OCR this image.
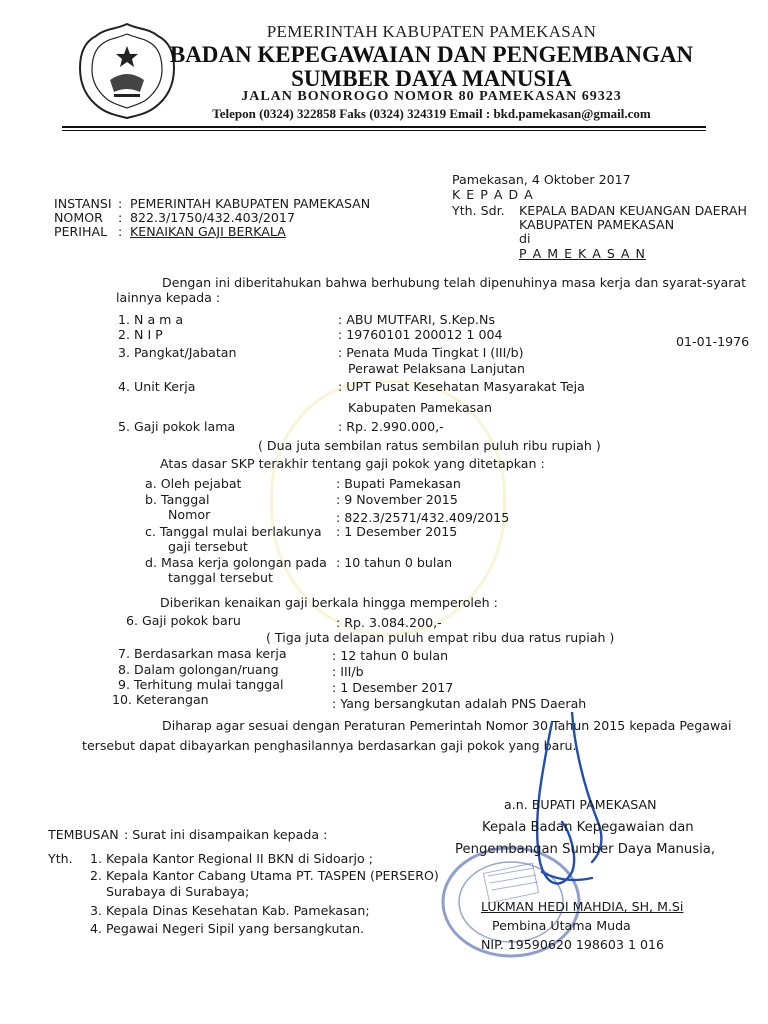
PEMERINTAH KABUPATEN PAMEKASAN
BADAN KEPEGAWAIAN DAN PENGEMBANGAN
SUMBER DAYA MANUSIA
JALAN BONOROGO NOMOR 80 PAMEKASAN 69323
Telepon (0324) 322858 Faks (0324) 324319 Email : bkd.pamekasan@gmail.com
Pamekasan, 4 Oktober 2017
K E P A D A
Yth. Sdr. KEPALA BADAN KEUANGAN DAERAH
KABUPATEN PAMEKASAN
di
P A M E K A S A N
INSTANSI : PEMERINTAH KABUPATEN PAMEKASAN
NOMOR : 822.3/1750/432.403/2017
PERIHAL : KENAIKAN GAJI BERKALA
Dengan ini diberitahukan bahwa berhubung telah dipenuhinya masa kerja dan syarat-syarat
lainnya kepada :
1. N a m a	: ABU MUTFARI, S.Kep.Ns
2. N I P	: 19760101 200012 1 004	01-01-1976
3. Pangkat/Jabatan	: Penata Muda Tingkat I (III/b)
Perawat Pelaksana Lanjutan
4. Unit Kerja	: UPT Pusat Kesehatan Masyarakat Teja
Kabupaten Pamekasan
5. Gaji pokok lama	: Rp. 2.990.000,-
( Dua juta sembilan ratus sembilan puluh ribu rupiah )
Atas dasar SKP terakhir tentang gaji pokok yang ditetapkan :
a. Oleh pejabat	: Bupati Pamekasan
b. Tanggal	: 9 November 2015
Nomor	: 822.3/2571/432.409/2015
c. Tanggal mulai berlakunya : 1 Desember 2015
gaji tersebut
d. Masa kerja golongan pada : 10 tahun 0 bulan
tanggal tersebut
Diberikan kenaikan gaji berkala hingga memperoleh :
6. Gaji pokok baru	: Rp. 3.084.200,-
( Tiga juta delapan puluh empat ribu dua ratus rupiah )
7. Berdasarkan masa kerja	: 12 tahun 0 bulan
8. Dalam golongan/ruang	: III/b
9. Terhitung mulai tanggal	: 1 Desember 2017
10. Keterangan	: Yang bersangkutan adalah PNS Daerah
Diharap agar sesuai dengan Peraturan Pemerintah Nomor 30 Tahun 2015 kepada Pegawai
tersebut dapat dibayarkan penghasilannya berdasarkan gaji pokok yang baru.
a.n. BUPATI PAMEKASAN
Kepala Badan Kepegawaian dan
Pengembangan Sumber Daya Manusia,
LUKMAN HEDI MAHDIA, SH, M.Si
Pembina Utama Muda
NIP. 19590620 198603 1 016
TEMBUSAN : Surat ini disampaikan kepada :
Yth. 1. Kepala Kantor Regional II BKN di Sidoarjo ;
2. Kepala Kantor Cabang Utama PT. TASPEN (PERSERO)
Surabaya di Surabaya;
3. Kepala Dinas Kesehatan Kab. Pamekasan;
4. Pegawai Negeri Sipil yang bersangkutan.
